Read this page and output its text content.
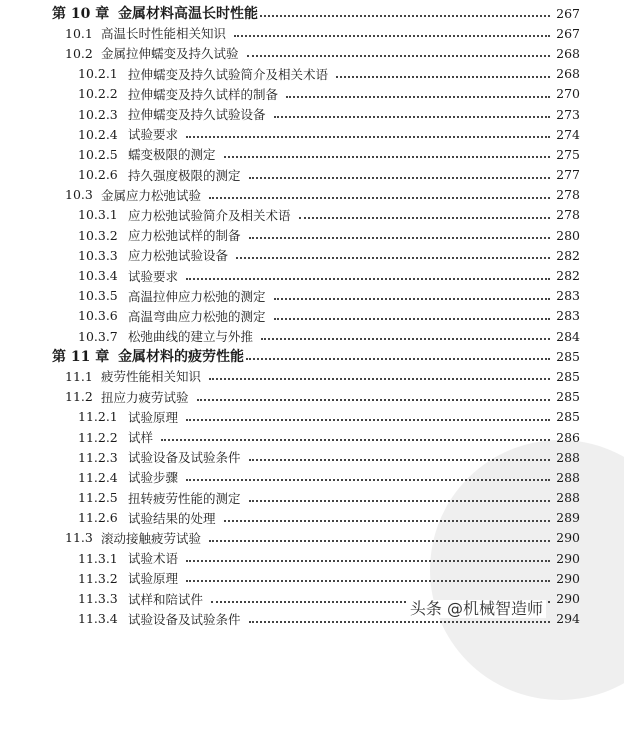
第 10 章 金属材料高温长时性能	267
10.1 高温长时性能相关知识	267
10.2 金属拉伸蠕变及持久试验	268
10.2.1 拉伸蠕变及持久试验简介及相关术语	268
10.2.2 拉伸蠕变及持久试样的制备	270
10.2.3 拉伸蠕变及持久试验设备	273
10.2.4 试验要求	274
10.2.5 蠕变极限的测定	275
10.2.6 持久强度极限的测定	277
10.3 金属应力松弛试验	278
10.3.1 应力松弛试验简介及相关术语	278
10.3.2 应力松弛试样的制备	280
10.3.3 应力松弛试验设备	282
10.3.4 试验要求	282
10.3.5 高温拉伸应力松弛的测定	283
10.3.6 高温弯曲应力松弛的测定	283
10.3.7 松弛曲线的建立与外推	284
第 11 章 金属材料的疲劳性能	285
11.1 疲劳性能相关知识	285
11.2 扭应力疲劳试验	285
11.2.1 试验原理	285
11.2.2 试样	286
11.2.3 试验设备及试验条件	288
11.2.4 试验步骤	288
11.2.5 扭转疲劳性能的测定	288
11.2.6 试验结果的处理	289
11.3 滚动接触疲劳试验	290
11.3.1 试验术语	290
11.3.2 试验原理	290
11.3.3 试样和陪试件	290
11.3.4 试验设备及试验条件	294
头条 @机械智造师
